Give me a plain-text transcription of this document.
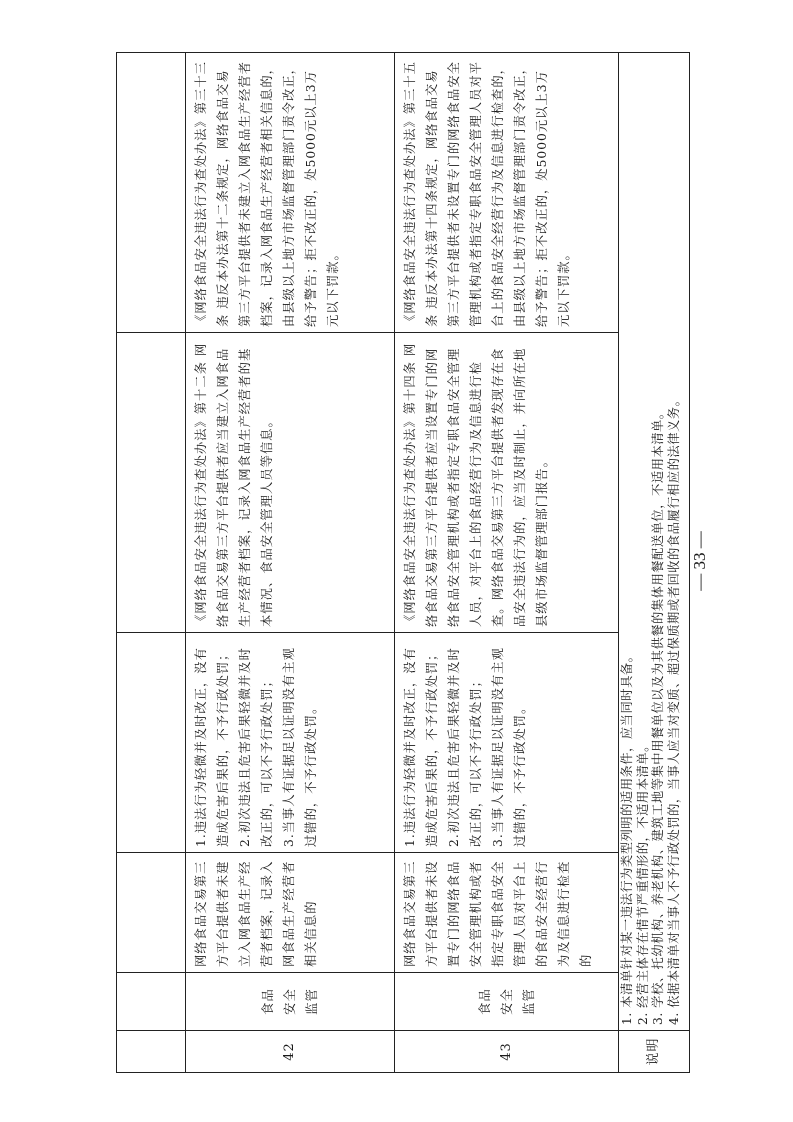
42	食品安全监管	网络食品交易第三方平台提供者未建立入网食品生产经营者档案，记录入网食品生产经营者相关信息的	1.违法行为轻微并及时改正，没有造成危害后果的，不予行政处罚；
2.初次违法且危害后果轻微并及时改正的，可以不予行政处罚；
3.当事人有证据足以证明没有主观过错的，不予行政处罚。	《网络食品安全违法行为查处办法》第十二条 网络食品交易第三方平台提供者应当建立入网食品生产经营者档案，记录入网食品生产经营者的基本情况、食品安全管理人员等信息。	《网络食品安全违法行为查处办法》第三十三条 违反本办法第十二条规定，网络食品交易第三方平台提供者未建立入网食品生产经营者档案，记录入网食品生产经营者相关信息的，由县级以上地方市场监督管理部门责令改正，给予警告；拒不改正的，处5000元以上3万元以下罚款。
43	食品安全监管	网络食品交易第三方平台提供者未设置专门的网络食品安全管理机构或者指定专职食品安全管理人员对平台上的食品安全经营行为及信息进行检查的	1.违法行为轻微并及时改正，没有造成危害后果的，不予行政处罚；
2.初次违法且危害后果轻微并及时改正的，可以不予行政处罚；
3.当事人有证据足以证明没有主观过错的，不予行政处罚。	《网络食品安全违法行为查处办法》第十四条 网络食品交易第三方平台提供者应当设置专门的网络食品安全管理机构或者指定专职食品安全管理人员，对平台上的食品经营行为及信息进行检查。网络食品交易第三方平台提供者发现存在食品安全违法行为的，应当及时制止，并向所在地县级市场监督管理部门报告。	《网络食品安全违法行为查处办法》第三十五条 违反本办法第十四条规定，网络食品交易第三方平台提供者未设置专门的网络食品安全管理机构或者指定专职食品安全管理人员对平台上的食品安全经营行为及信息进行检查的，由县级以上地方市场监督管理部门责令改正，给予警告；拒不改正的，处5000元以上3万元以下罚款。
说明	1. 本清单针对某一违法行为类型列明的适用条件，应当同时具备。 2. 经营主体存在情节严重情形的，不适用本清单。 3. 学校、托幼机构、养老机构、建筑工地等集中用餐单位以及为其供餐的集体用餐配送单位，不适用本清单。 4. 依据本清单对当事人不予行政处罚的，当事人应当对变质、超过保质期或者回收的食品履行相应的法律义务。				— 33 —
